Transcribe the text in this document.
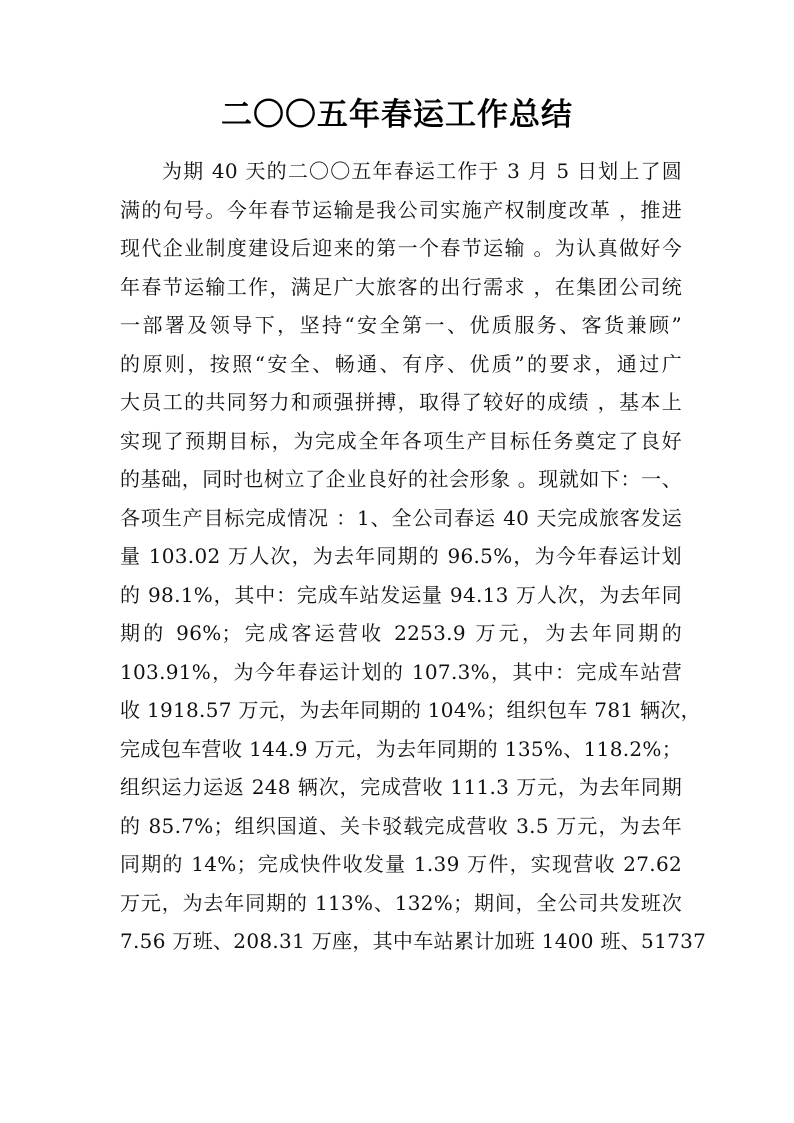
二〇〇五年春运工作总结
为期 40 天的二〇〇五年春运工作于 3 月 5 日划上了圆
满的句号。今年春节运输是我公司实施产权制度改革 ，推进
现代企业制度建设后迎来的第一个春节运输 。为认真做好今
年春节运输工作，满足广大旅客的出行需求 ，在集团公司统
一部署及领导下，坚持“安全第一、优质服务、客货兼顾”
的原则，按照“安全、畅通、有序、优质”的要求，通过广
大员工的共同努力和顽强拼搏，取得了较好的成绩 ，基本上
实现了预期目标，为完成全年各项生产目标任务奠定了良好
的基础，同时也树立了企业良好的社会形象 。现就如下：一、
各项生产目标完成情况 ：1、全公司春运 40 天完成旅客发运
量 103.02 万人次，为去年同期的 96.5%，为今年春运计划
的 98.1%，其中：完成车站发运量 94.13 万人次，为去年同
期的 96%；完成客运营收 2253.9 万元，为去年同期的
103.91%，为今年春运计划的 107.3%，其中：完成车站营
收 1918.57 万元，为去年同期的 104%；组织包车 781 辆次，
完成包车营收 144.9 万元，为去年同期的 135%、118.2%；
组织运力运返 248 辆次，完成营收 111.3 万元，为去年同期
的 85.7%；组织国道、关卡驳载完成营收 3.5 万元，为去年
同期的 14%；完成快件收发量 1.39 万件，实现营收 27.62
万元，为去年同期的 113%、132%；期间，全公司共发班次
7.56 万班、208.31 万座，其中车站累计加班 1400 班、51737
